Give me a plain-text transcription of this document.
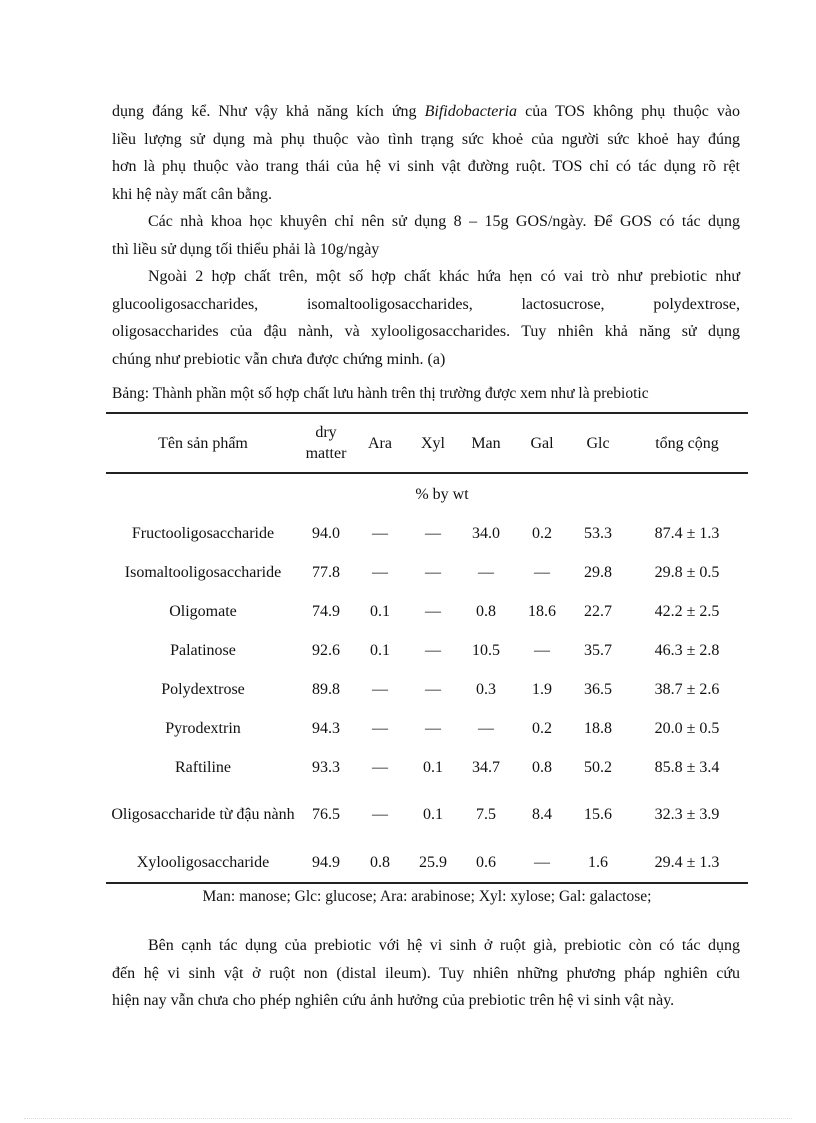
dụng đáng kể. Như vậy khả năng kích ứng Bifidobacteria của TOS không phụ thuộc vào
liều lượng sử dụng mà phụ thuộc vào tình trạng sức khoẻ của người sức khoẻ hay đúng
hơn là phụ thuộc vào trang thái của hệ vi sinh vật đường ruột. TOS chỉ có tác dụng rõ rệt
khi hệ này mất cân bằng.

Các nhà khoa học khuyên chỉ nên sử dụng 8 – 15g GOS/ngày. Để GOS có tác dụng
thì liều sử dụng tối thiểu phải là 10g/ngày

Ngoài 2 hợp chất trên, một số hợp chất khác hứa hẹn có vai trò như prebiotic như
glucooligosaccharides, isomaltooligosaccharides, lactosucrose, polydextrose,
oligosaccharides của đậu nành, và xylooligosaccharides. Tuy nhiên khả năng sử dụng
chúng như prebiotic vẫn chưa được chứng minh. (a)

Bảng: Thành phần một số hợp chất lưu hành trên thị trường được xem như là prebiotic

Tên sản phẩm	dry matter	Ara	Xyl	Man	Gal	Glc	tổng cộng
% by wt							
Fructooligosaccharide	94.0	—	—	34.0	0.2	53.3	87.4 ± 1.3
Isomaltooligosaccharide	77.8	—	—	—	—	29.8	29.8 ± 0.5
Oligomate	74.9	0.1	—	0.8	18.6	22.7	42.2 ± 2.5
Palatinose	92.6	0.1	—	10.5	—	35.7	46.3 ± 2.8
Polydextrose	89.8	—	—	0.3	1.9	36.5	38.7 ± 2.6
Pyrodextrin	94.3	—	—	—	0.2	18.8	20.0 ± 0.5
Raftiline	93.3	—	0.1	34.7	0.8	50.2	85.8 ± 3.4
Oligosaccharide từ đậu nành	76.5	—	0.1	7.5	8.4	15.6	32.3 ± 3.9
Xylooligosaccharide	94.9	0.8	25.9	0.6	—	1.6	29.4 ± 1.3

Man: manose; Glc: glucose; Ara: arabinose; Xyl: xylose; Gal: galactose;

Bên cạnh tác dụng của prebiotic với hệ vi sinh ở ruột già, prebiotic còn có tác dụng
đến hệ vi sinh vật ở ruột non (distal ileum). Tuy nhiên những phương pháp nghiên cứu
hiện nay vẫn chưa cho phép nghiên cứu ảnh hưởng của prebiotic trên hệ vi sinh vật này.
